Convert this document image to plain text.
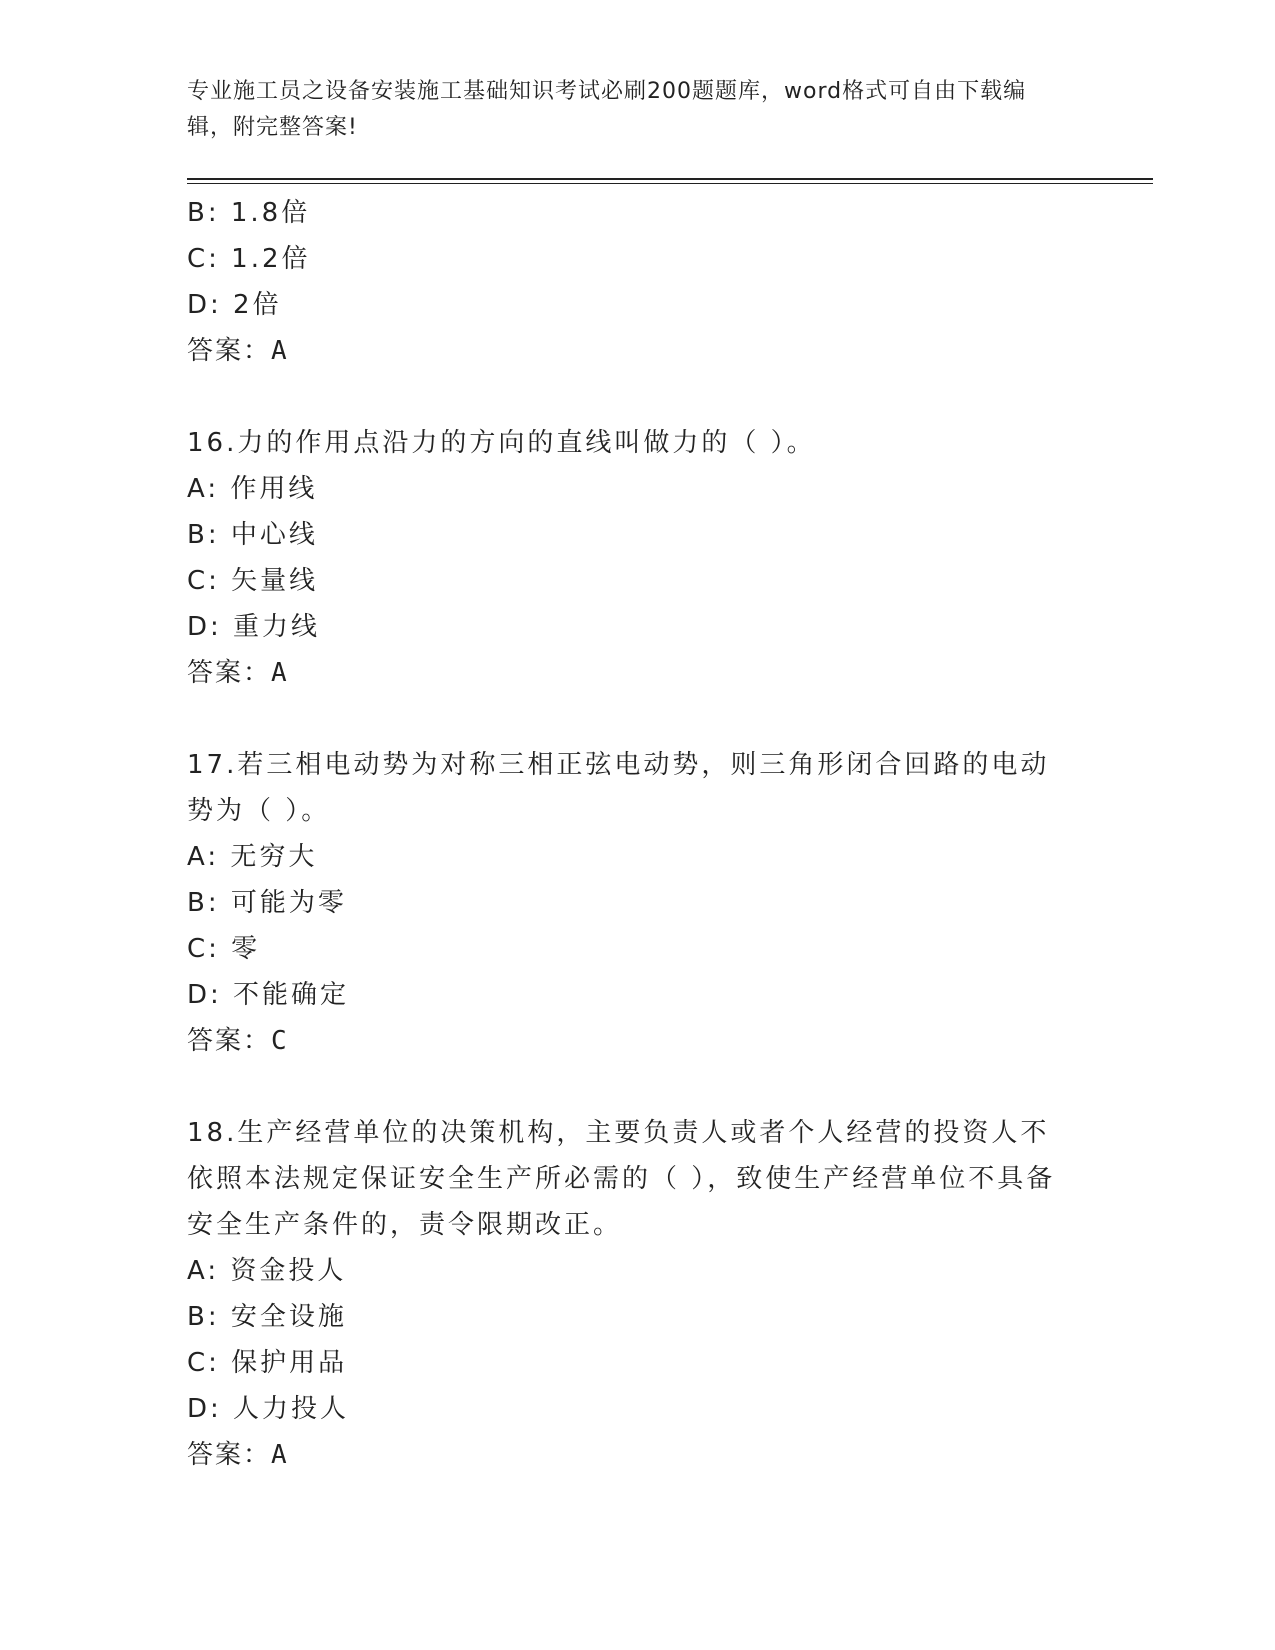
专业施工员之设备安装施工基础知识考试必刷200题题库，word格式可自由下载编辑，附完整答案!
B: 1.8倍
C: 1.2倍
D: 2倍
答案：A
16.力的作用点沿力的方向的直线叫做力的（ ）。
A: 作用线
B: 中心线
C: 矢量线
D: 重力线
答案：A
17.若三相电动势为对称三相正弦电动势，则三角形闭合回路的电动势为（ ）。
A: 无穷大
B: 可能为零
C: 零
D: 不能确定
答案：C
18.生产经营单位的决策机构，主要负责人或者个人经营的投资人不依照本法规定保证安全生产所必需的（ ），致使生产经营单位不具备安全生产条件的，责令限期改正。
A: 资金投人
B: 安全设施
C: 保护用品
D: 人力投人
答案：A
